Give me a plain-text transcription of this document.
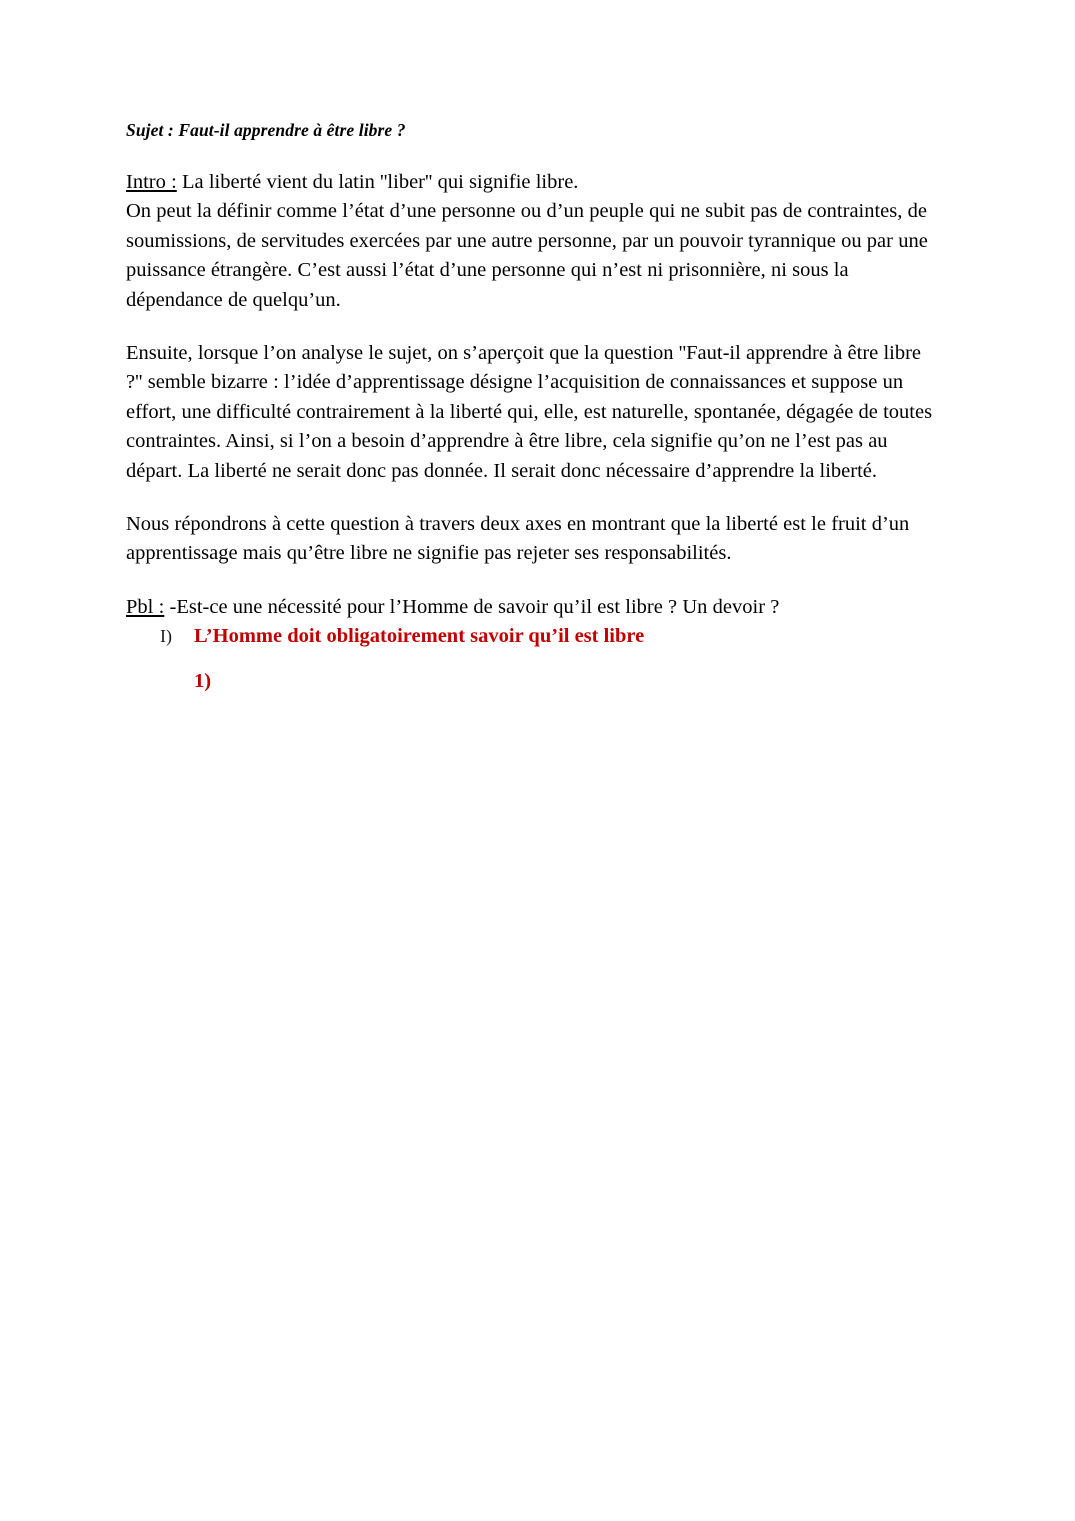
Sujet : Faut-il apprendre à être libre ?

Intro : La liberté vient du latin ''liber'' qui signifie libre.
On peut la définir comme l’état d’une personne ou d’un peuple qui ne subit pas de contraintes, de soumissions, de servitudes exercées par une autre personne, par un pouvoir tyrannique ou par une puissance étrangère. C’est aussi l’état d’une personne qui n’est ni prisonnière, ni sous la dépendance de quelqu’un.

Ensuite, lorsque l’on analyse le sujet, on s’aperçoit que la question ''Faut-il apprendre à être libre ?'' semble bizarre : l’idée d’apprentissage désigne l’acquisition de connaissances et suppose un effort, une difficulté contrairement à la liberté qui, elle, est naturelle, spontanée, dégagée de toutes contraintes. Ainsi, si l’on a besoin d’apprendre à être libre, cela signifie qu’on ne l’est pas au départ. La liberté ne serait donc pas donnée. Il serait donc nécessaire d’apprendre la liberté.

Nous répondrons à cette question à travers deux axes en montrant que la liberté est le fruit d’un apprentissage mais qu’être libre ne signifie pas rejeter ses responsabilités.

Pbl : -Est-ce une nécessité pour l’Homme de savoir qu’il est libre ? Un devoir ?

I)	L’Homme doit obligatoirement savoir qu’il est libre
1)
